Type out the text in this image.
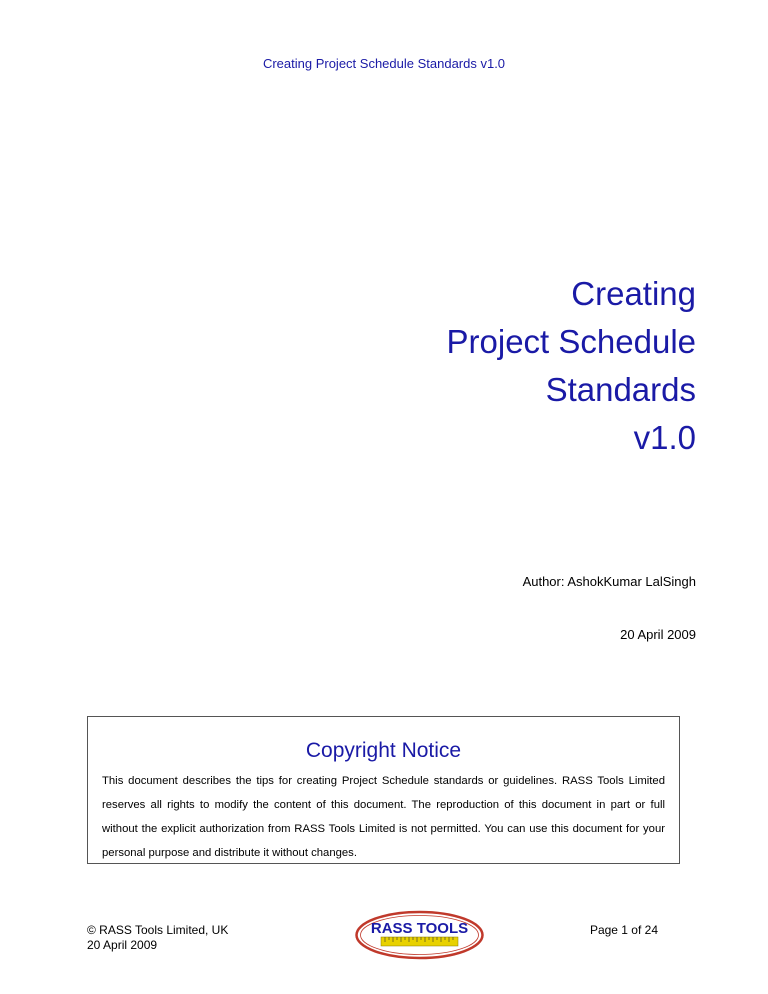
Creating Project Schedule Standards v1.0
Creating
Project Schedule
Standards
v1.0
Author: AshokKumar LalSingh
20 April 2009
Copyright Notice
This document describes the tips for creating Project Schedule standards or guidelines. RASS Tools Limited reserves all rights to modify the content of this document. The reproduction of this document in part or full without the explicit authorization from RASS Tools Limited is not permitted. You can use this document for your personal purpose and distribute it without changes.
© RASS Tools Limited, UK
20 April 2009
RASS TOOLS	Page 1 of 24
